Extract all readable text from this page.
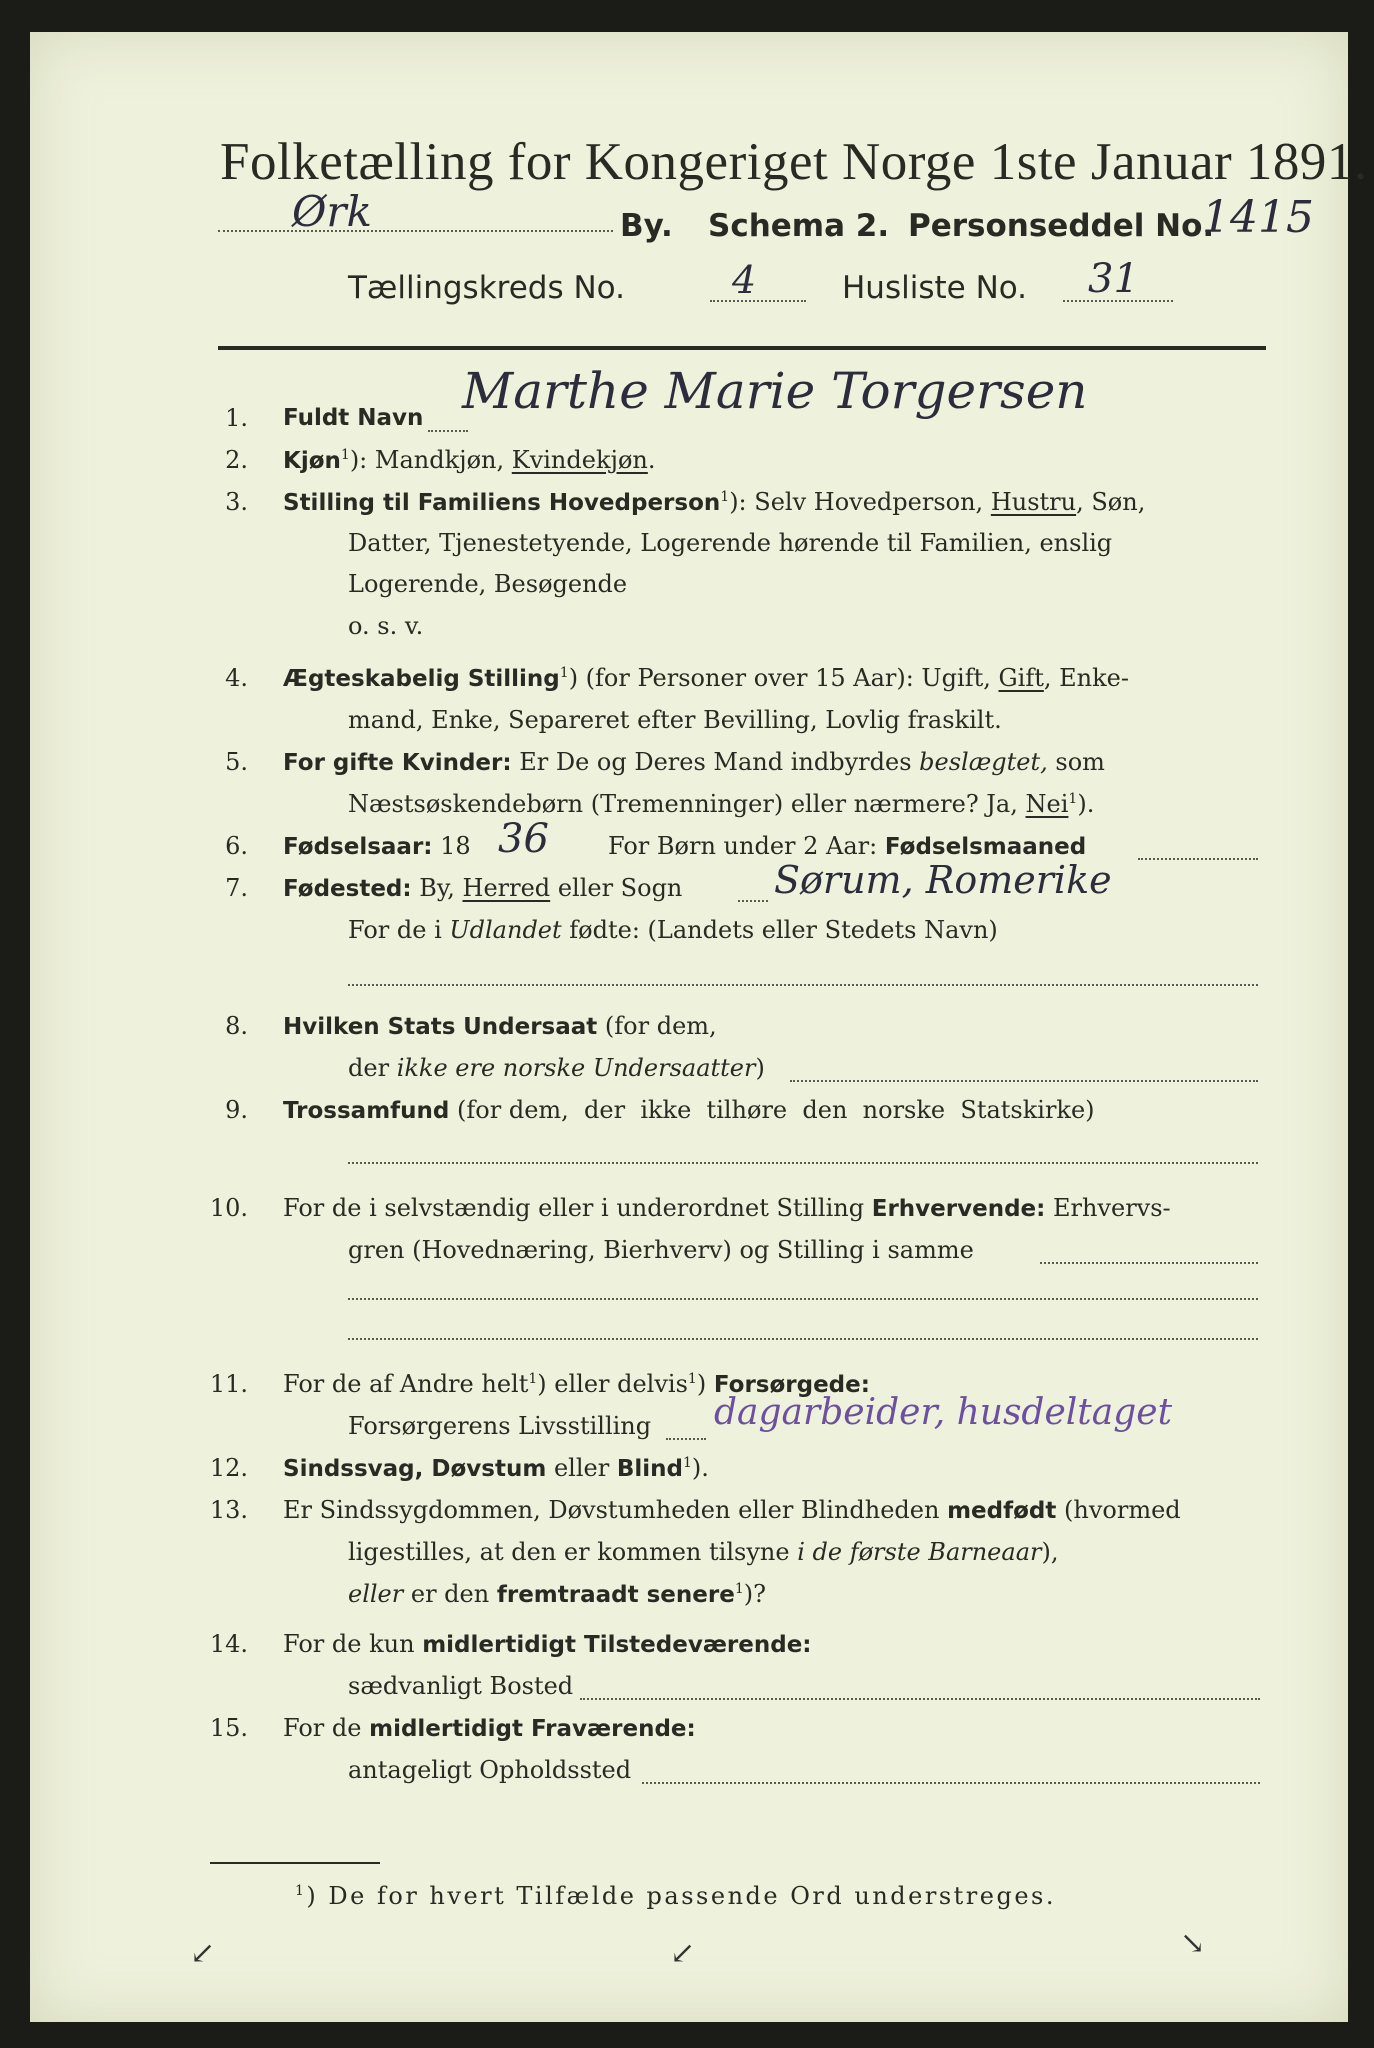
Folketælling for Kongeriget Norge 1ste Januar 1891.
Ørk	By. Schema 2. Personseddel No.
1415
Tællingskreds No.	4	Husliste No. 31
1. Fuldt Navn Marthe Marie Torgersen
2. Kjøn$^1$): Mandkjøn, Kvindekjøn.
3. Stilling til Familiens Hovedperson$^1$): Selv Hovedperson, Hustru, Søn,
Datter, Tjenestetyende, Logerende hørende til Familien, enslig
Logerende, Besøgende
o. s. v.
4. Ægteskabelig Stilling$^1$) (for Personer over 15 Aar): Ugift, Gift, Enke-
mand, Enke, Separeret efter Bevilling, Lovlig fraskilt.
5. For gifte Kvinder: Er De og Deres Mand indbyrdes beslægtet, som
Næstsøskendebørn (Tremenninger) eller nærmere? Ja, Nei$^1$).
6. Fødselsaar: 18 36 For Børn under 2 Aar: Fødselsmaaned
7. Fødested: By, Herred eller Sogn Sørum, Romerike
For de i Udlandet fødte: (Landets eller Stedets Navn)
8. Hvilken Stats Undersaat (for dem,
der ikke ere norske Undersaatter)
9. Trossamfund (for dem,  der  ikke  tilhøre  den  norske  Statskirke)
10. For de i selvstændig eller i underordnet Stilling Erhvervende: Erhvervs-
gren (Hovednæring, Bierhverv) og Stilling i samme
11. For de af Andre helt$^1$) eller delvis$^1$) Forsørgede:
Forsørgerens Livsstilling dagarbeider, husdeltaget
12. Sindssvag, Døvstum eller Blind$^1$).
13. Er Sindssygdommen, Døvstumheden eller Blindheden medfødt (hvormed
ligestilles, at den er kommen tilsyne i de første Barneaar),
eller er den fremtraadt senere$^1$)?
14. For de kun midlertidigt Tilstedeværende:
sædvanligt Bosted
15. For de midlertidigt Fraværende:
antageligt Opholdssted
$^1$) De for hvert Tilfælde passende Ord understreges.
↙	↙	↘
